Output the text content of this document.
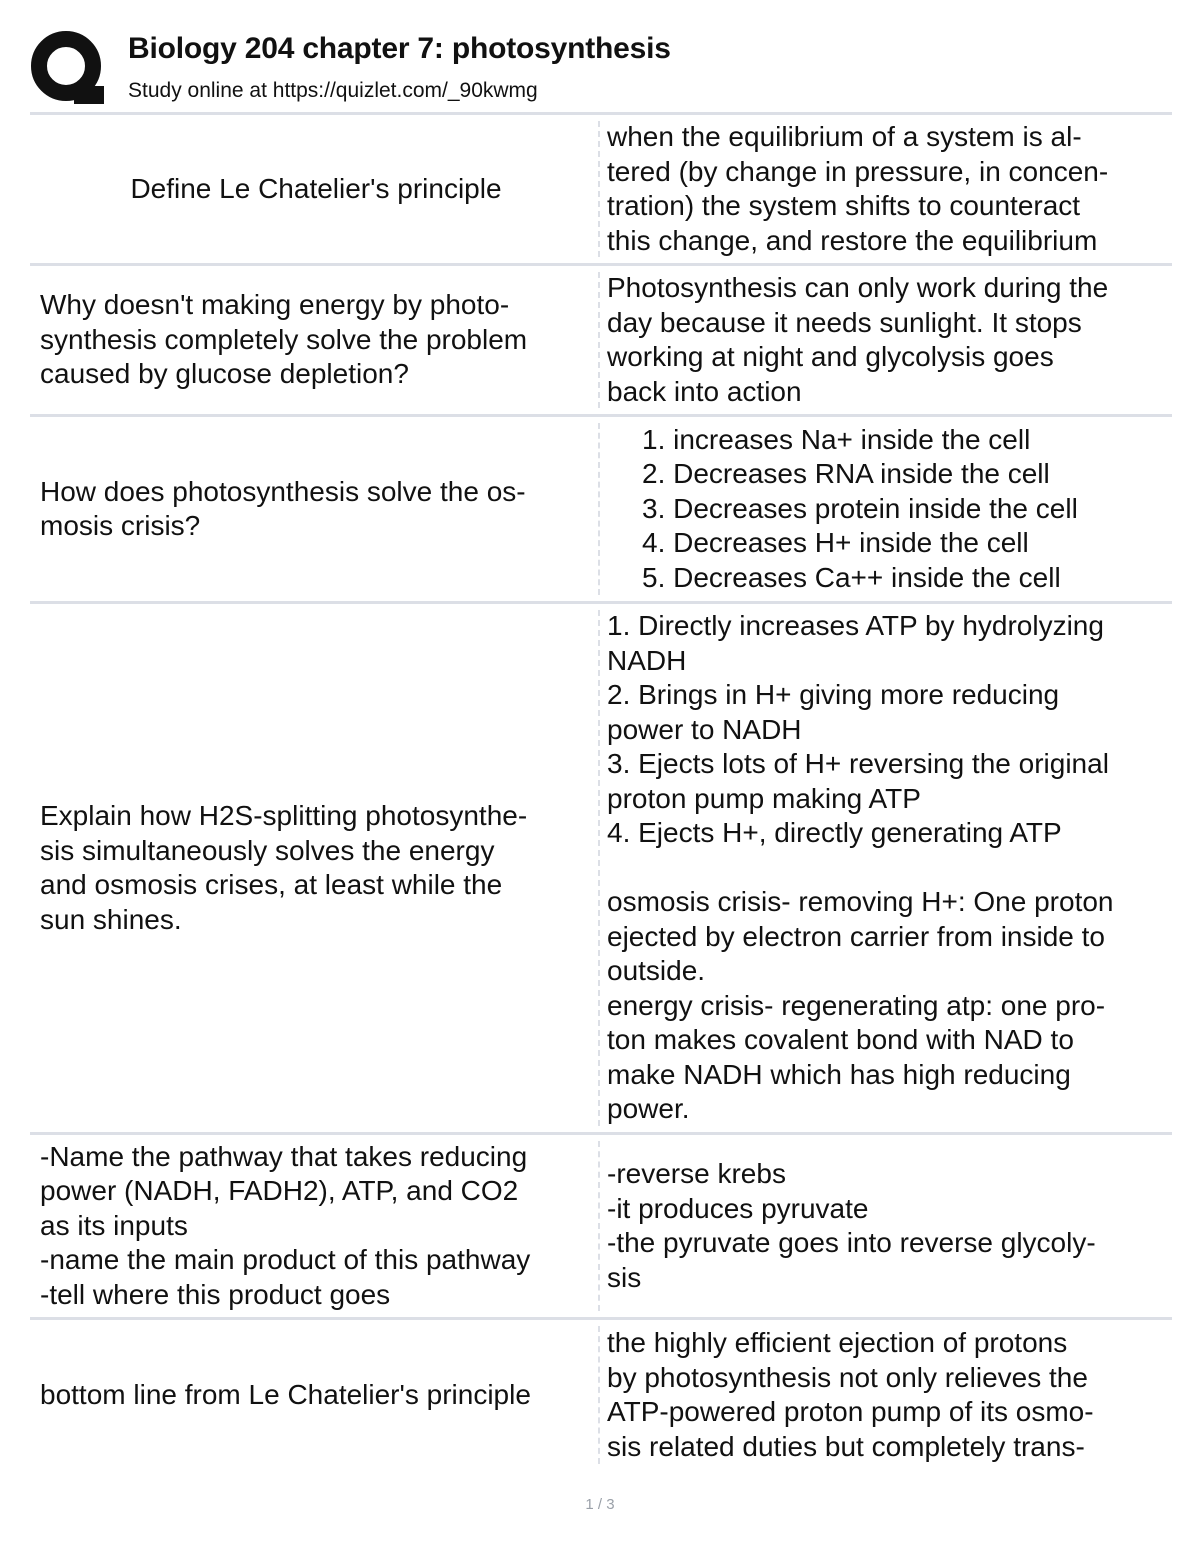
Biology 204 chapter 7: photosynthesis
Study online at https://quizlet.com/_90kwmg
Define Le Chatelier's principle
when the equilibrium of a system is al-
tered (by change in pressure, in concen-
tration) the system shifts to counteract
this change, and restore the equilibrium
Why doesn't making energy by photo-
synthesis completely solve the problem
caused by glucose depletion?
Photosynthesis can only work during the
day because it needs sunlight. It stops
working at night and glycolysis goes
back into action
How does photosynthesis solve the os-
mosis crisis?
1. increases Na+ inside the cell
2. Decreases RNA inside the cell
3. Decreases protein inside the cell
4. Decreases H+ inside the cell
5. Decreases Ca++ inside the cell
Explain how H2S-splitting photosynthe-
sis simultaneously solves the energy
and osmosis crises, at least while the
sun shines.
1. Directly increases ATP by hydrolyzing
NADH
2. Brings in H+ giving more reducing
power to NADH
3. Ejects lots of H+ reversing the original
proton pump making ATP
4. Ejects H+, directly generating ATP

osmosis crisis- removing H+: One proton
ejected by electron carrier from inside to
outside.
energy crisis- regenerating atp: one pro-
ton makes covalent bond with NAD to
make NADH which has high reducing
power.
-Name the pathway that takes reducing
power (NADH, FADH2), ATP, and CO2
as its inputs
-name the main product of this pathway
-tell where this product goes
-reverse krebs
-it produces pyruvate
-the pyruvate goes into reverse glycoly-
sis
bottom line from Le Chatelier's principle
the highly efficient ejection of protons
by photosynthesis not only relieves the
ATP-powered proton pump of its osmo-
sis related duties but completely trans-
1 / 3
